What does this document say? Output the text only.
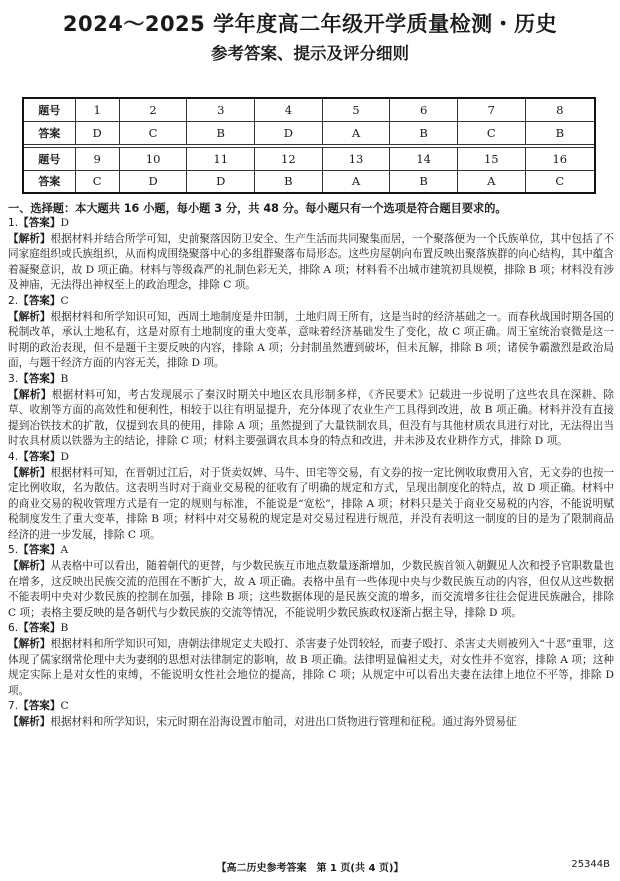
2024～2025 学年度高二年级开学质量检测・历史
参考答案、提示及评分细则
题号	1	2	3	4	5	6	7	8
答案	D	C	B	D	A	B	C	B

题号	9	10	11	12	13	14	15	16
答案	C	D	D	B	A	B	A	C
一、选择题：本大题共 16 小题，每小题 3 分，共 48 分。每小题只有一个选项是符合题目要求的。
1.【答案】D
【解析】根据材料并结合所学可知，史前聚落因防卫安全、生产生活而共同聚集而居，一个聚落便为一个氏族单位，其中包括了不同家庭组织或氏族组织，从而构成围绕聚落中心的多组群聚落布局形态。这些房屋朝向布置反映出聚落族群的向心结构，其中蕴含着凝聚意识，故 D 项正确。材料与等级森严的礼制色彩无关，排除 A 项；材料看不出城市建筑初具规模，排除 B 项；材料没有涉及神庙，无法得出神权至上的政治理念，排除 C 项。
2.【答案】C
【解析】根据材料和所学知识可知，西周土地制度是井田制，土地归周王所有，这是当时的经济基础之一。而春秋战国时期各国的税制改革，承认土地私有，这是对原有土地制度的重大变革，意味着经济基础发生了变化，故 C 项正确。周王室统治衰微是这一时期的政治表现，但不是题干主要反映的内容，排除 A 项；分封制虽然遭到破坏，但未瓦解，排除 B 项；诸侯争霸激烈是政治局面，与题干经济方面的内容无关，排除 D 项。
3.【答案】B
【解析】根据材料可知，考古发现展示了秦汉时期关中地区农具形制多样，《齐民要术》记载进一步说明了这些农具在深耕、除草、收割等方面的高效性和便利性，相较于以往有明显提升，充分体现了农业生产工具得到改进，故 B 项正确。材料并没有直接提到冶铁技术的扩散，仅提到农具的使用，排除 A 项；虽然提到了大量铁制农具，但没有与其他材质农具进行对比，无法得出当时农具材质以铁器为主的结论，排除 C 项；材料主要强调农具本身的特点和改进，并未涉及农业耕作方式，排除 D 项。
4.【答案】D
【解析】根据材料可知，在晋朝过江后，对于货卖奴婢、马牛、田宅等交易，有文券的按一定比例收取费用入官，无文券的也按一定比例收取，名为散估。这表明当时对于商业交易税的征收有了明确的规定和方式，呈现出制度化的特点，故 D 项正确。材料中的商业交易的税收管理方式是有一定的规则与标准，不能说是“宽松”，排除 A 项；材料只是关于商业交易税的内容，不能说明赋税制度发生了重大变革，排除 B 项；材料中对交易税的规定是对交易过程进行规范，并没有表明这一制度的目的是为了限制商品经济的进一步发展，排除 C 项。
5.【答案】A
【解析】从表格中可以看出，随着朝代的更替，与少数民族互市地点数量逐渐增加，少数民族首领入朝觐见人次和授予官职数量也在增多，这反映出民族交流的范围在不断扩大，故 A 项正确。表格中虽有一些体现中央与少数民族互动的内容，但仅从这些数据不能表明中央对少数民族的控制在加强，排除 B 项；这些数据体现的是民族交流的增多，而交流增多往往会促进民族融合，排除 C 项；表格主要反映的是各朝代与少数民族的交流等情况，不能说明少数民族政权逐渐占据主导，排除 D 项。
6.【答案】B
【解析】根据材料和所学知识可知，唐朝法律规定丈夫殴打、杀害妻子处罚较轻，而妻子殴打、杀害丈夫则被列入“十恶”重罪，这体现了儒家纲常伦理中夫为妻纲的思想对法律制定的影响，故 B 项正确。法律明显偏袒丈夫，对女性并不宽容，排除 A 项；这种规定实际上是对女性的束缚，不能说明女性社会地位的提高，排除 C 项；从规定中可以看出夫妻在法律上地位不平等，排除 D 项。
7.【答案】C
【解析】根据材料和所学知识，宋元时期在沿海设置市舶司，对进出口货物进行管理和征税。通过海外贸易征
【高二历史参考答案　第 1 页(共 4 页)】	25344B
